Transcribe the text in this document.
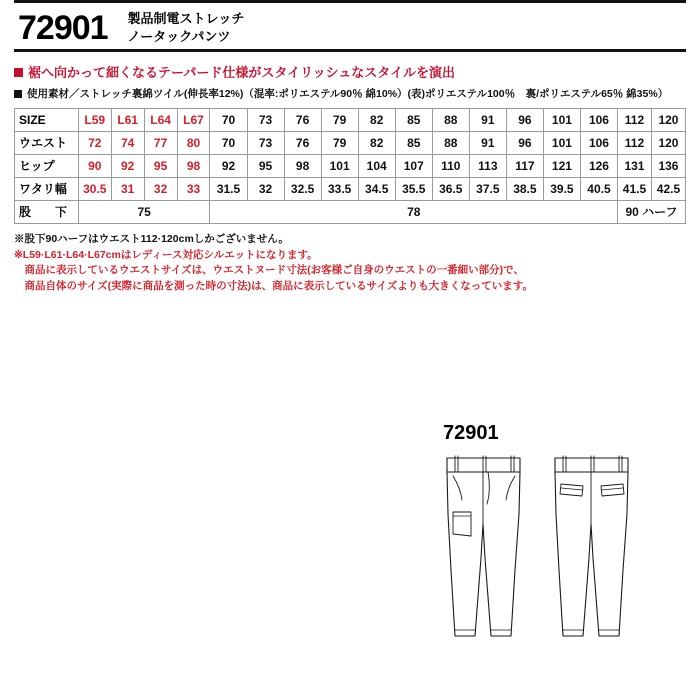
72901 製品制電ストレッチ
ノータックパンツ
裾へ向かって細くなるテーパード仕様がスタイリッシュなスタイルを演出
使用素材／ストレッチ裏綿ツイル(伸長率12%)（混率:ポリエステル90％ 綿10%）(表)ポリエステル100％　裏/ポリエステル65％ 綿35%）
SIZE	L59	L61	L64	L67	70	73	76	79	82	85	88	91	96	101	106	112	120
ウエスト	72	74	77	80	70	73	76	79	82	85	88	91	96	101	106	112	120
ヒップ	90	92	95	98	92	95	98	101	104	107	110	113	117	121	126	131	136
ワタリ幅	30.5	31	32	33	31.5	32	32.5	33.5	34.5	35.5	36.5	37.5	38.5	39.5	40.5	41.5	42.5
股　下	75				78											90 ハーフ	
※股下90ハーフはウエスト112·120cmしかございません。
※L59·L61·L64·L67cmはレディース対応シルエットになります。
　商品に表示しているウエストサイズは、ウエストヌード寸法(お客様ご自身のウエストの一番細い部分)で、
　商品自体のサイズ(実際に商品を測った時の寸法)は、商品に表示しているサイズよりも大きくなっています。
72901
